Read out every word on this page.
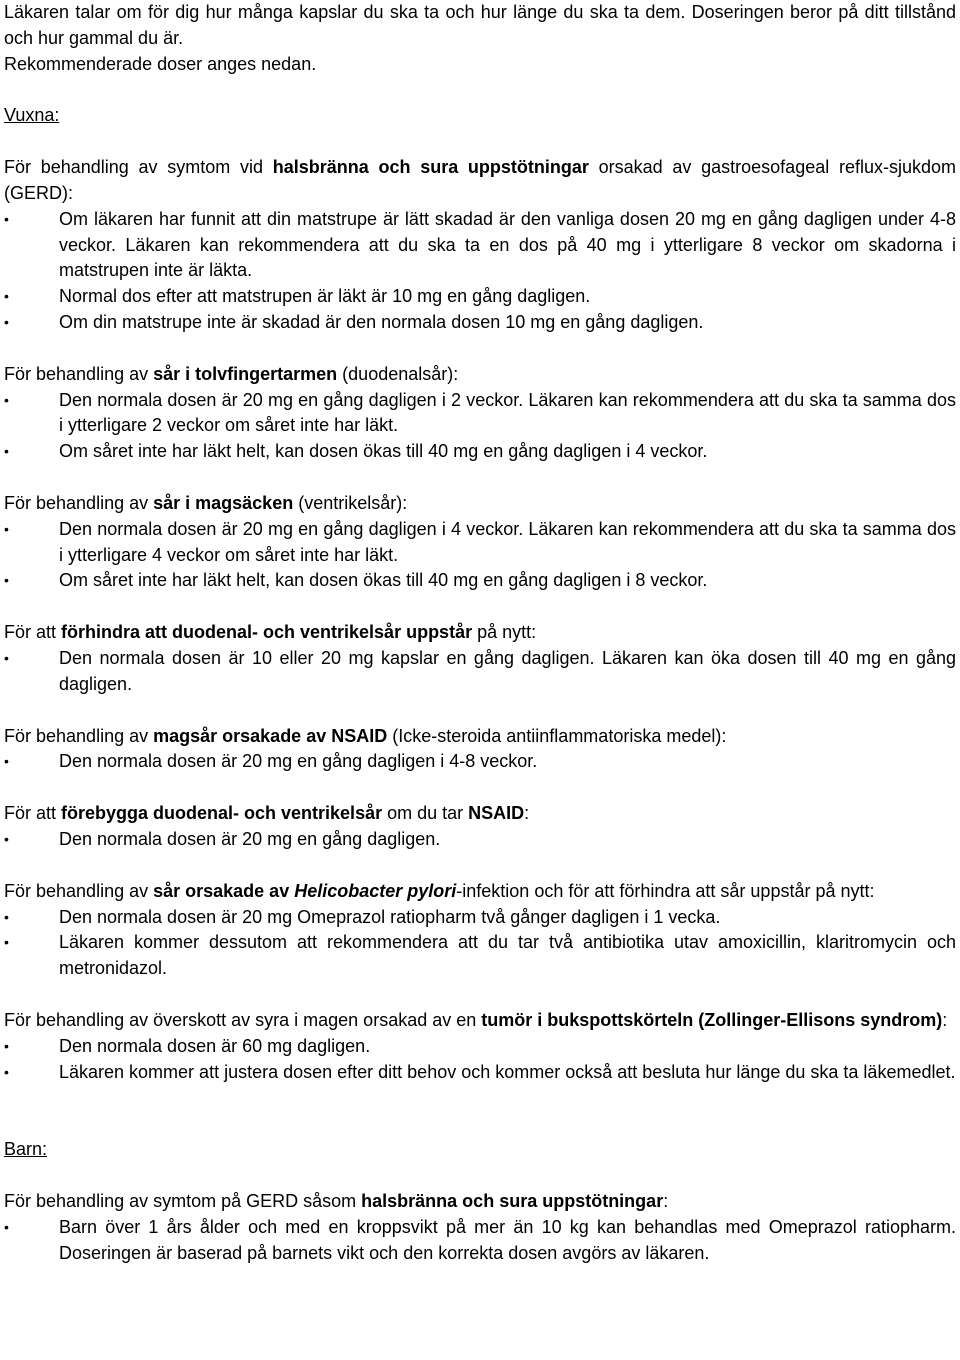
Läkaren talar om för dig hur många kapslar du ska ta och hur länge du ska ta dem. Doseringen beror på ditt tillstånd och hur gammal du är.
Rekommenderade doser anges nedan.

Vuxna:

För behandling av symtom vid halsbränna och sura uppstötningar orsakad av gastroesofageal reflux-sjukdom (GERD):

•	Om läkaren har funnit att din matstrupe är lätt skadad är den vanliga dosen 20 mg en gång dagligen under 4-8 veckor. Läkaren kan rekommendera att du ska ta en dos på 40 mg i ytterligare 8 veckor om skadorna i matstrupen inte är läkta.
•	Normal dos efter att matstrupen är läkt är 10 mg en gång dagligen.
•	Om din matstrupe inte är skadad är den normala dosen 10 mg en gång dagligen.

För behandling av sår i tolvfingertarmen (duodenalsår):

•	Den normala dosen är 20 mg en gång dagligen i 2 veckor. Läkaren kan rekommendera att du ska ta samma dos i ytterligare 2 veckor om såret inte har läkt.
•	Om såret inte har läkt helt, kan dosen ökas till 40 mg en gång dagligen i 4 veckor.

För behandling av sår i magsäcken (ventrikelsår):

•	Den normala dosen är 20 mg en gång dagligen i 4 veckor. Läkaren kan rekommendera att du ska ta samma dos i ytterligare 4 veckor om såret inte har läkt.
•	Om såret inte har läkt helt, kan dosen ökas till 40 mg en gång dagligen i 8 veckor.

För att förhindra att duodenal- och ventrikelsår uppstår på nytt:

•	Den normala dosen är 10 eller 20 mg kapslar en gång dagligen. Läkaren kan öka dosen till 40 mg en gång dagligen.

För behandling av magsår orsakade av NSAID (Icke-steroida antiinflammatoriska medel):

•	Den normala dosen är 20 mg en gång dagligen i 4-8 veckor.

För att förebygga duodenal- och ventrikelsår om du tar NSAID:

•	Den normala dosen är 20 mg en gång dagligen.

För behandling av sår orsakade av Helicobacter pylori-infektion och för att förhindra att sår uppstår på nytt:

•	Den normala dosen är 20 mg Omeprazol ratiopharm två gånger dagligen i 1 vecka.
•	Läkaren kommer dessutom att rekommendera att du tar två antibiotika utav amoxicillin, klaritromycin och metronidazol.

För behandling av överskott av syra i magen orsakad av en tumör i bukspottskörteln (Zollinger-Ellisons syndrom):

•	Den normala dosen är 60 mg dagligen.
•	Läkaren kommer att justera dosen efter ditt behov och kommer också att besluta hur länge du ska ta läkemedlet.

Barn:

För behandling av symtom på GERD såsom halsbränna och sura uppstötningar:

•	Barn över 1 års ålder och med en kroppsvikt på mer än 10 kg kan behandlas med Omeprazol ratiopharm. Doseringen är baserad på barnets vikt och den korrekta dosen avgörs av läkaren.
